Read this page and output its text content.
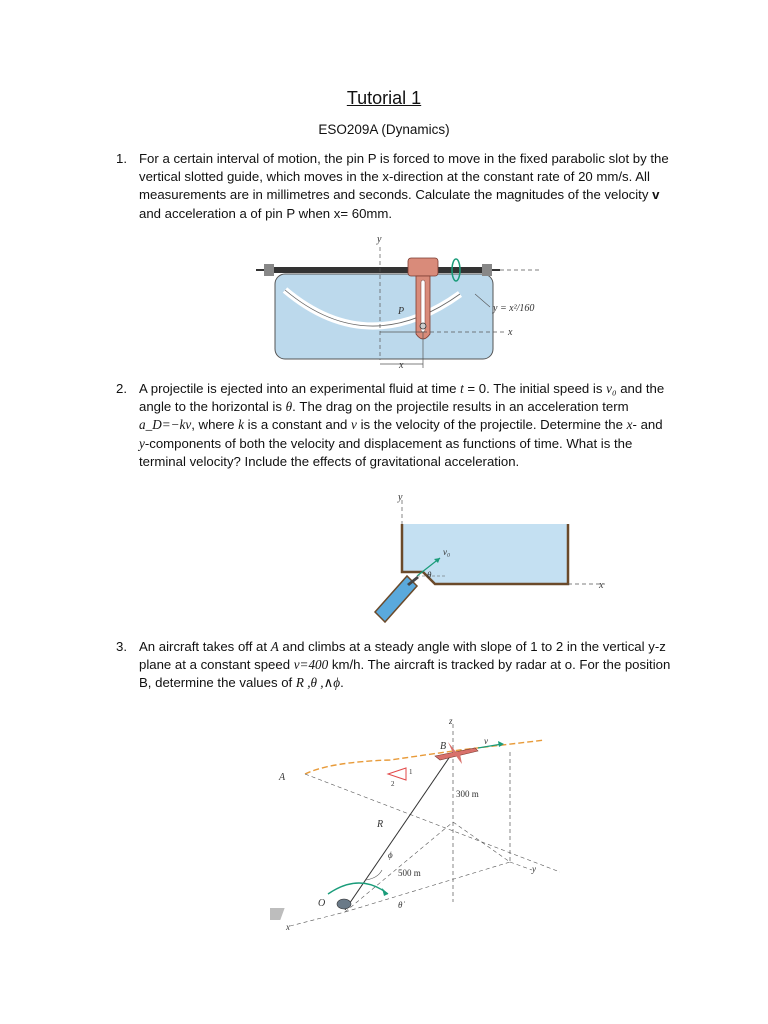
Tutorial 1
ESO209A (Dynamics)
1. For a certain interval of motion, the pin P is forced to move in the fixed parabolic slot by the vertical slotted guide, which moves in the x-direction at the constant rate of 20 mm/s. All measurements are in millimetres and seconds. Calculate the magnitudes of the velocity v and acceleration a of pin P when x= 60mm.
y
x
x
P	y = x²/160
2. A projectile is ejected into an experimental fluid at time t = 0. The initial speed is v₀ and the angle to the horizontal is θ. The drag on the projectile results in an acceleration term a_D=−kv, where k is a constant and v is the velocity of the projectile. Determine the x- and y-components of both the velocity and displacement as functions of time. What is the terminal velocity? Include the effects of gravitational acceleration.
y
x
v₀
θ
3. An aircraft takes off at A and climbs at a steady angle with slope of 1 to 2 in the vertical y-z plane at a constant speed v=400 km/h. The aircraft is tracked by radar at o. For the position B, determine the values of R ,θ ,∧ϕ.
z
300 m
R
1
2
B	v
A
ϕ
500 m	y
O
x
θ̇
